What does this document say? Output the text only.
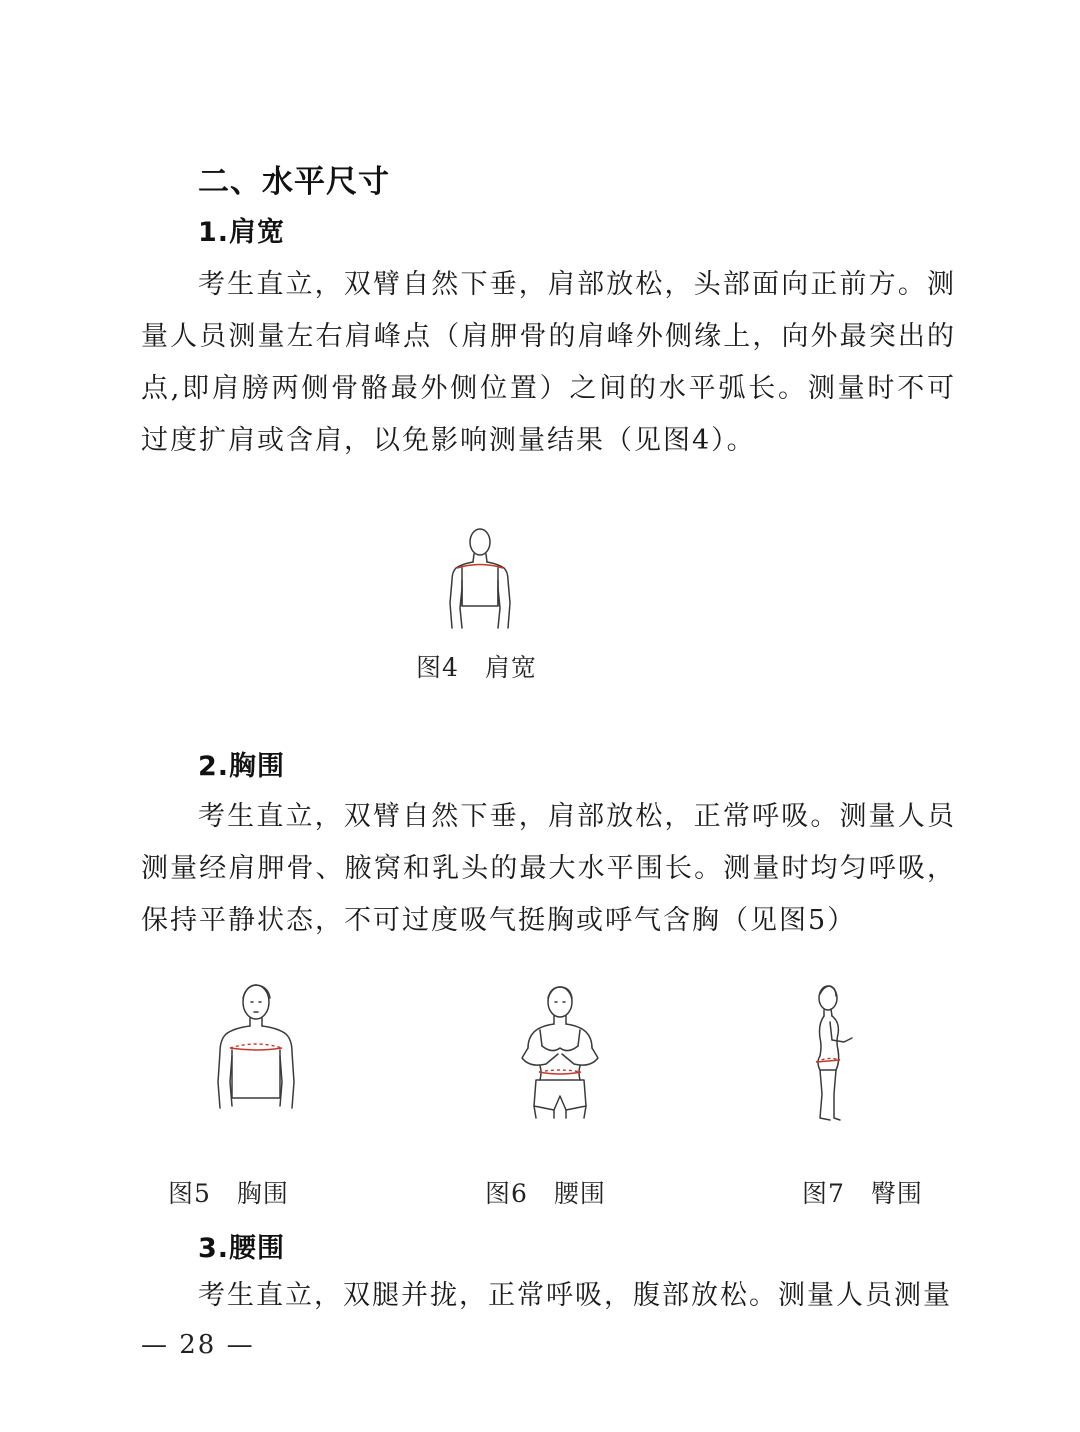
二、水平尺寸
1.肩宽

考生直立，双臂自然下垂，肩部放松，头部面向正前方。测量人员测量左右肩峰点（肩胛骨的肩峰外侧缘上，向外最突出的点,即肩膀两侧骨骼最外侧位置）之间的水平弧长。测量时不可过度扩肩或含肩，以免影响测量结果（见图4）。

图4　肩宽
2.胸围

考生直立，双臂自然下垂，肩部放松，正常呼吸。测量人员测量经肩胛骨、腋窝和乳头的最大水平围长。测量时均匀呼吸，保持平静状态，不可过度吸气挺胸或呼气含胸（见图5）

图5　胸围	图6　腰围	图7　臀围
3.腰围

考生直立，双腿并拢，正常呼吸，腹部放松。测量人员测量

— 28 —
